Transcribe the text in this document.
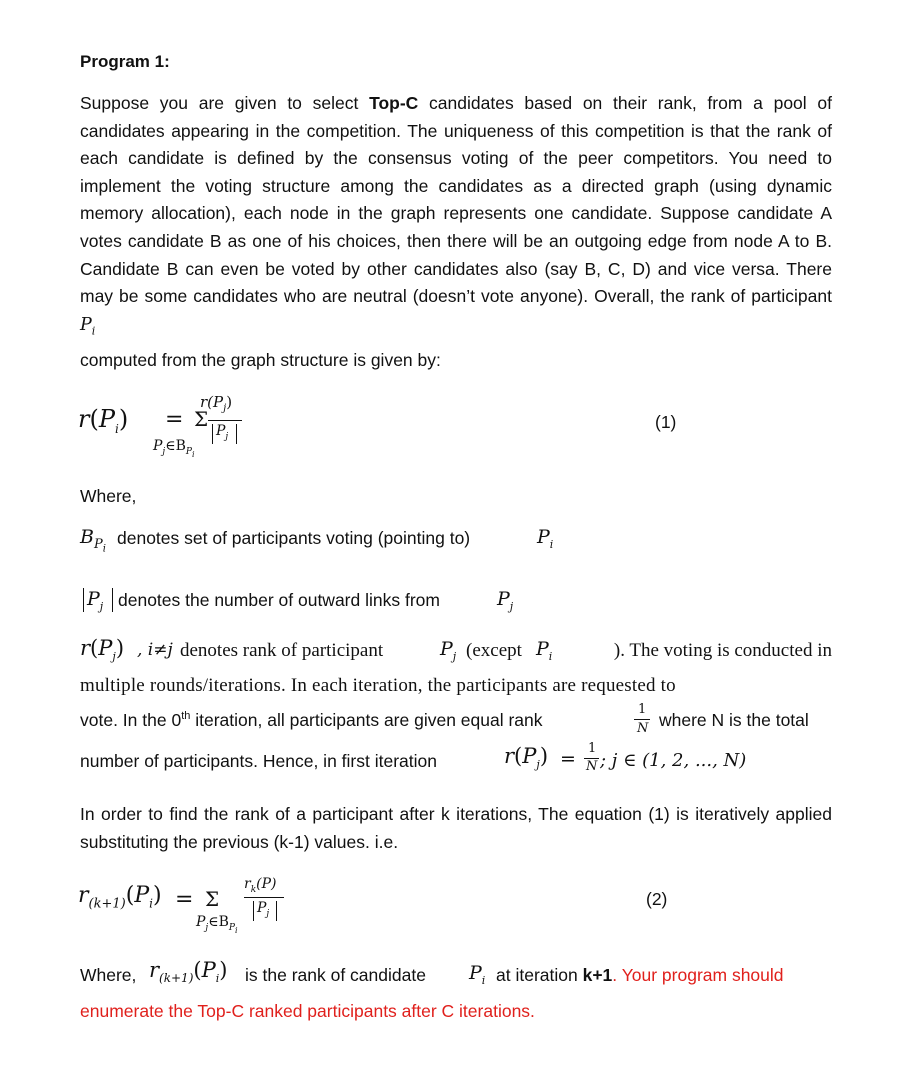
Program 1:
Suppose you are given to select Top-C candidates based on their rank, from a pool of candidates appearing in the competition. The uniqueness of this competition is that the rank of each candidate is defined by the consensus voting of the peer competitors. You need to implement the voting structure among the candidates as a directed graph (using dynamic memory allocation), each node in the graph represents one candidate. Suppose candidate A votes candidate B as one of his choices, then there will be an outgoing edge from node A to B. Candidate B can even be voted by other candidates also (say B, C, D) and vice versa. There may be some candidates who are neutral (doesn’t vote anyone). Overall, the rank of participant $P_i$
computed from the graph structure is given by:
$r(P_i) = \Sigma$
$P_j\in B_{P_i}$
$r(P_j)$
$P_j$
(1)
Where,
$B_{P_i}$
denotes set of participants voting (pointing to)	$P_i$
$P_j$ denotes the number of outward links from	$P_j$
$r(P_j)$ , i≠j denotes rank of participant	$P_j$ (except $P_i$	). The voting is conducted in
multiple rounds/iterations. In each iteration, the participants are requested to
vote. In the 0th iteration, all participants are given equal rank
1
N where N is the total
number of participants. Hence, in first iteration	$r(P_j) = 1$
N ; j ∈ (1, 2, ..., N)
In order to find the rank of a participant after k iterations, The equation (1) is iteratively applied substituting the previous (k-1) values. i.e.
$r_{(k+1)}(P_i) = \Sigma$
$P_j\in B_{P_i}$
$r_k(P)$
$P_j$
(2)
Where, $r_{(k+1)}(P_i)$ is the rank of candidate $P_i$ at iteration k+1. Your program should
enumerate the Top-C ranked participants after C iterations.
